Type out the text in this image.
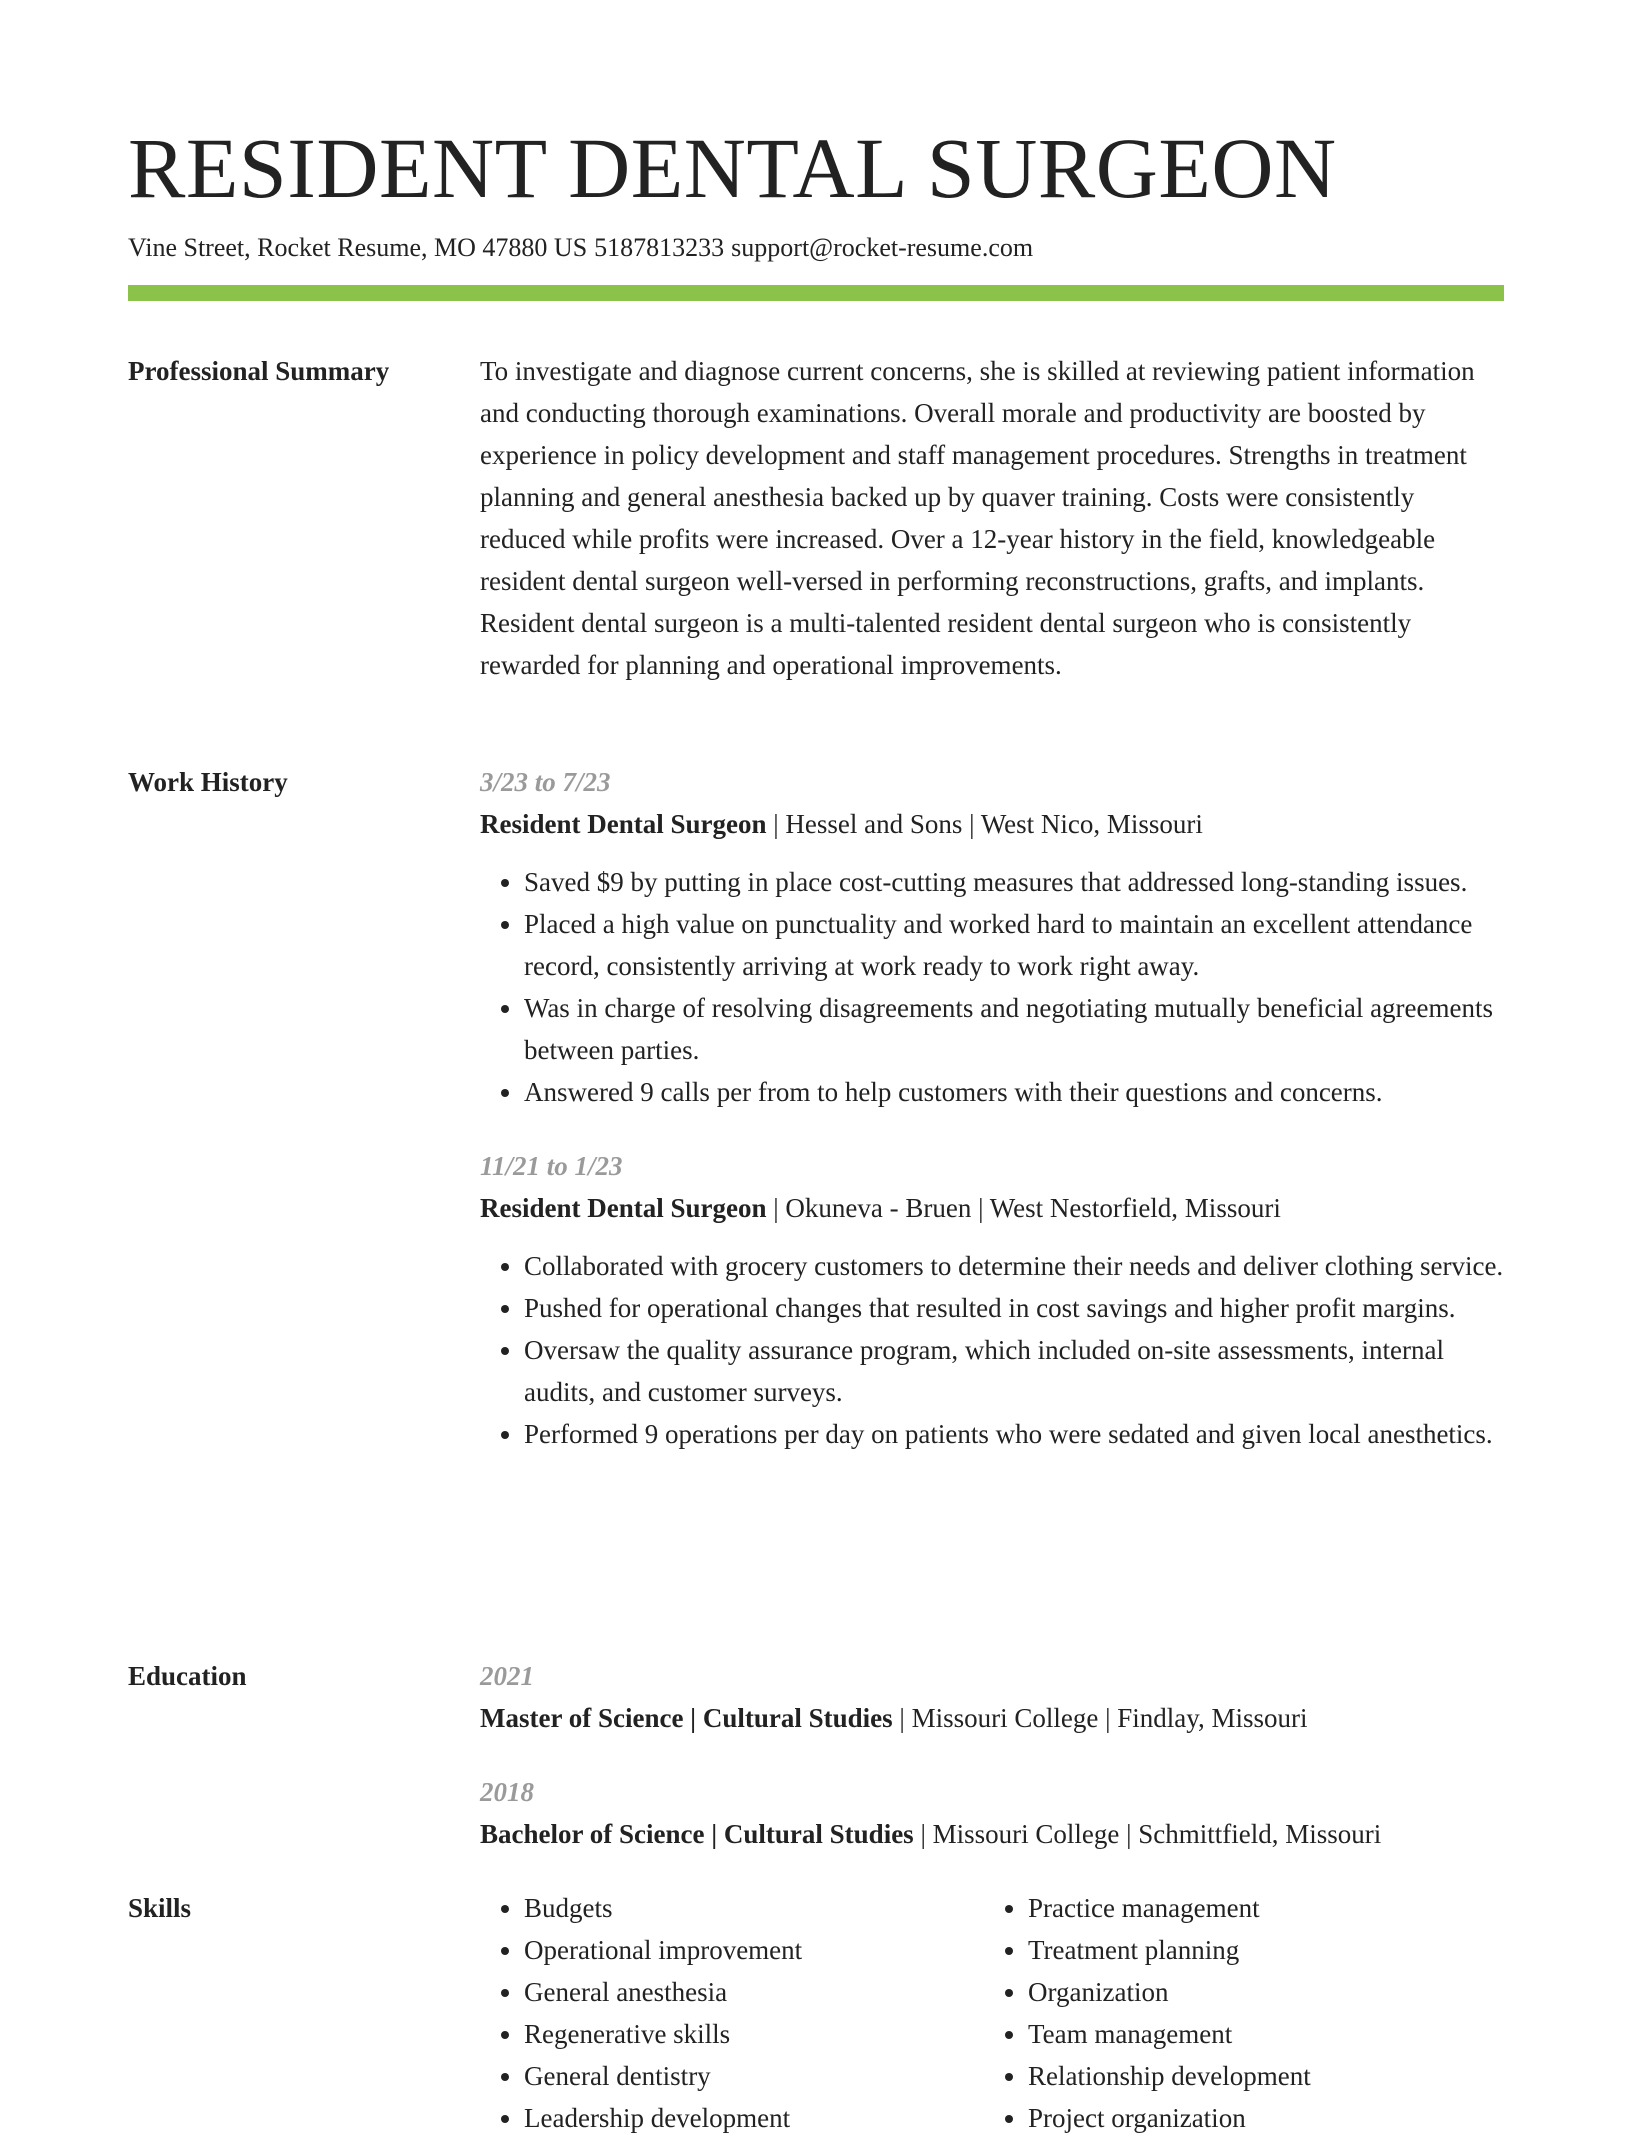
RESIDENT DENTAL SURGEON
Vine Street, Rocket Resume, MO 47880 US 5187813233 support@rocket-resume.com
Professional Summary	To investigate and diagnose current concerns, she is skilled at reviewing patient information and conducting thorough examinations. Overall morale and productivity are boosted by experience in policy development and staff management procedures. Strengths in treatment planning and general anesthesia backed up by quaver training. Costs were consistently reduced while profits were increased. Over a 12-year history in the field, knowledgeable resident dental surgeon well-versed in performing reconstructions, grafts, and implants. Resident dental surgeon is a multi-talented resident dental surgeon who is consistently rewarded for planning and operational improvements.

Work History	3/23 to 7/23
Resident Dental Surgeon | Hessel and Sons | West Nico, Missouri
• Saved $9 by putting in place cost-cutting measures that addressed long-standing issues.
• Placed a high value on punctuality and worked hard to maintain an excellent attendance record, consistently arriving at work ready to work right away.
• Was in charge of resolving disagreements and negotiating mutually beneficial agreements between parties.
• Answered 9 calls per from to help customers with their questions and concerns.
11/21 to 1/23
Resident Dental Surgeon | Okuneva - Bruen | West Nestorfield, Missouri
• Collaborated with grocery customers to determine their needs and deliver clothing service.
• Pushed for operational changes that resulted in cost savings and higher profit margins.
• Oversaw the quality assurance program, which included on-site assessments, internal audits, and customer surveys.
• Performed 9 operations per day on patients who were sedated and given local anesthetics.
Education	2021
Master of Science | Cultural Studies | Missouri College | Findlay, Missouri
2018
Bachelor of Science | Cultural Studies | Missouri College | Schmittfield, Missouri
Skills
•	Budgets
• Operational improvement
• General anesthesia
• Regenerative skills
• General dentistry
• Leadership development
• Practice management
• Treatment planning
• Organization
• Team management
• Relationship development
• Project organization
